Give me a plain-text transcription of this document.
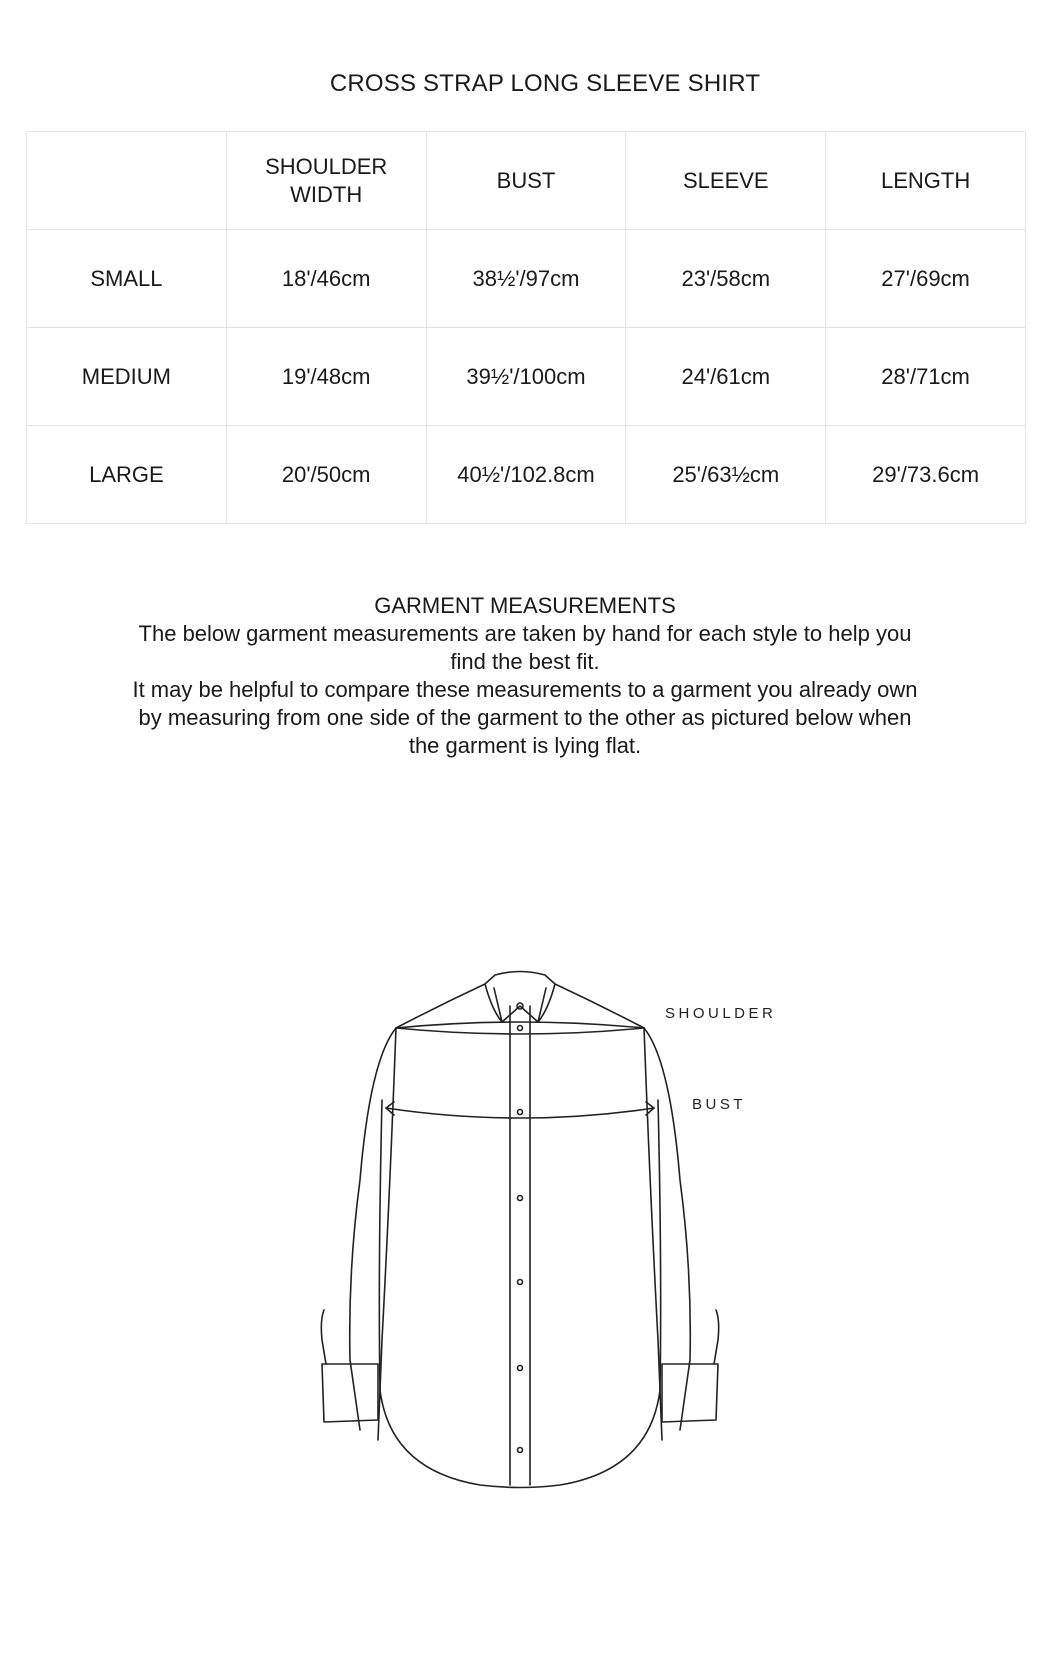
CROSS STRAP LONG SLEEVE SHIRT
	SHOULDER WIDTH	BUST	SLEEVE	LENGTH
SMALL	18'/46cm	38½'/97cm	23'/58cm	27'/69cm
MEDIUM	19'/48cm	39½'/100cm	24'/61cm	28'/71cm
LARGE	20'/50cm	40½'/102.8cm	25'/63½cm	29'/73.6cm

GARMENT MEASUREMENTS

The below garment measurements are taken by hand for each style to help you find the best fit.

It may be helpful to compare these measurements to a garment you already own by measuring from one side of the garment to the other as pictured below when the garment is lying flat.

SHOULDER
BUST
